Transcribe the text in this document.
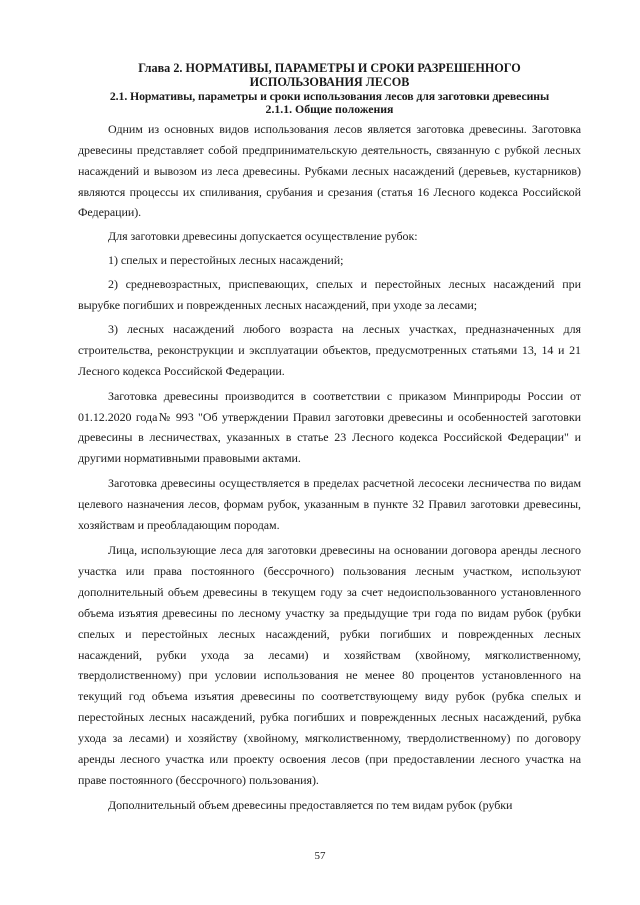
Глава 2. НОРМАТИВЫ, ПАРАМЕТРЫ И СРОКИ РАЗРЕШЕННОГО

ИСПОЛЬЗОВАНИЯ ЛЕСОВ

2.1. Нормативы, параметры и сроки использования лесов для заготовки древесины

2.1.1. Общие положения

Одним из основных видов использования лесов является заготовка древесины. Заготовка древесины представляет собой предпринимательскую деятельность, связанную с рубкой лесных насаждений и вывозом из леса древесины. Рубками лесных насаждений (деревьев, кустарников) являются процессы их спиливания, срубания и срезания (статья 16 Лесного кодекса Российской Федерации).

Для заготовки древесины допускается осуществление рубок:

1) спелых и перестойных лесных насаждений;

2) средневозрастных, приспевающих, спелых и перестойных лесных насаждений при вырубке погибших и поврежденных лесных насаждений, при уходе за лесами;

3) лесных насаждений любого возраста на лесных участках, предназначенных для строительства, реконструкции и эксплуатации объектов, предусмотренных статьями 13, 14 и 21 Лесного кодекса Российской Федерации.

Заготовка древесины производится в соответствии с приказом Минприроды России от 01.12.2020 года№ 993 "Об утверждении Правил заготовки древесины и особенностей заготовки древесины в лесничествах, указанных в статье 23 Лесного кодекса Российской Федерации" и другими нормативными правовыми актами.

Заготовка древесины осуществляется в пределах расчетной лесосеки лесничества по видам целевого назначения лесов, формам рубок, указанным в пункте 32 Правил заготовки древесины, хозяйствам и преобладающим породам.

Лица, использующие леса для заготовки древесины на основании договора аренды лесного участка или права постоянного (бессрочного) пользования лесным участком, используют дополнительный объем древесины в текущем году за счет недоиспользованного установленного объема изъятия древесины по лесному участку за предыдущие три года по видам рубок (рубки спелых и перестойных лесных насаждений, рубки погибших и поврежденных лесных насаждений, рубки ухода за лесами) и хозяйствам (хвойному, мягколиственному, твердолиственному) при условии использования не менее 80 процентов установленного на текущий год объема изъятия древесины по соответствующему виду рубок (рубка спелых и перестойных лесных насаждений, рубка погибших и поврежденных лесных насаждений, рубка ухода за лесами) и хозяйству (хвойному, мягколиственному, твердолиственному) по договору аренды лесного участка или проекту освоения лесов (при предоставлении лесного участка на праве постоянного (бессрочного) пользования).

Дополнительный объем древесины предоставляется по тем видам рубок (рубки

57
